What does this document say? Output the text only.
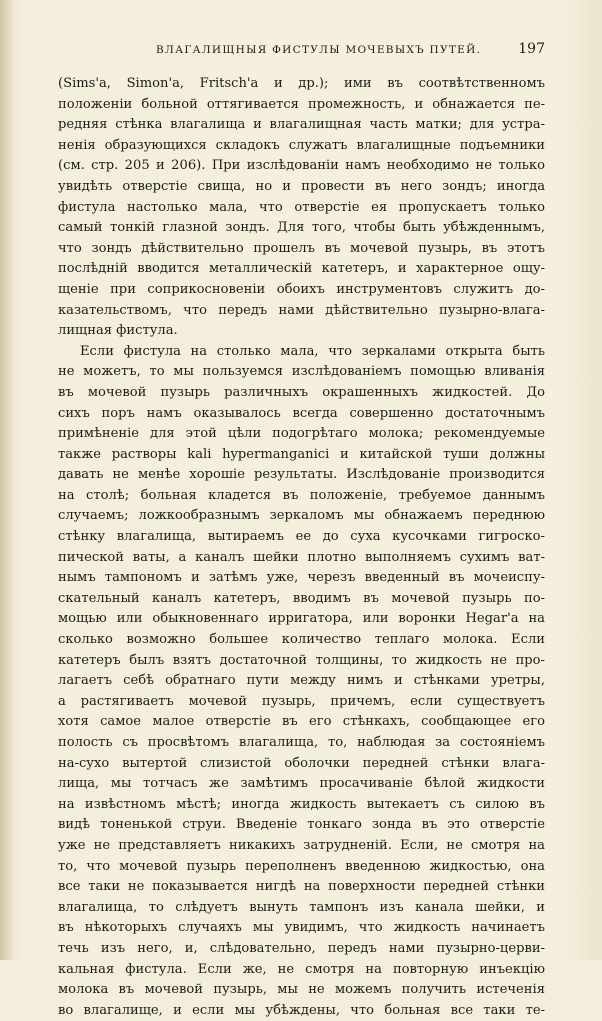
ВЛАГАЛИЩНЫЯ ФИСТУЛЫ МОЧЕВЫХЪ ПУТЕЙ.	197
(Sims'а, Simon'а, Fritsch'а и др.); ими въ соотвѣтственномъ
положенiи больной оттягивается промежность, и обнажается пе-
редняя стѣнка влагалища и влагалищная часть матки; для устра-
ненiя образующихся складокъ служатъ влагалищные подъемники
(см. стр. 205 и 206). При изслѣдованiи намъ необходимо не только
увидѣть отверстiе свища, но и провести въ него зондъ; иногда
фистула настолько мала, что отверстiе ея пропускаетъ только
самый тонкiй глазной зондъ. Для того, чтобы быть убѣжденнымъ,
что зондъ дѣйствительно прошелъ въ мочевой пузырь, въ этотъ
послѣднiй вводится металлическiй катетеръ, и характерное ощу-
щенiе при соприкосновенiи обоихъ инструментовъ служитъ до-
казательствомъ, что передъ нами дѣйствительно пузырно-влага-
лищная фистула.
Если фистула на столько мала, что зеркалами открыта быть
не можетъ, то мы пользуемся изслѣдованiемъ помощью вливанiя
въ мочевой пузырь различныхъ окрашенныхъ жидкостей. До
сихъ поръ намъ оказывалось всегда совершенно достаточнымъ
примѣненiе для этой цѣли подогрѣтаго молока; рекомендуемые
также растворы kali hypermanganici и китайской туши должны
давать не менѣе хорошiе результаты. Изслѣдованiе производится
на столѣ; больная кладется въ положенiе, требуемое даннымъ
случаемъ; ложкообразнымъ зеркаломъ мы обнажаемъ переднюю
стѣнку влагалища, вытираемъ ее до суха кусочками гигроско-
пической ваты, а каналъ шейки плотно выполняемъ сухимъ ват-
нымъ тампономъ и затѣмъ уже, черезъ введенный въ мочеиспу-
скательный каналъ катетеръ, вводимъ въ мочевой пузырь по-
мощью или обыкновеннаго ирригатора, или воронки Hegar'а на
сколько возможно большее количество теплаго молока. Если
катетеръ былъ взятъ достаточной толщины, то жидкость не про-
лагаетъ себѣ обратнаго пути между нимъ и стѣнками уретры,
а растягиваетъ мочевой пузырь, причемъ, если существуетъ
хотя самое малое отверстiе въ его стѣнкахъ, сообщающее его
полость съ просвѣтомъ влагалища, то, наблюдая за состоянiемъ
на-сухо вытертой слизистой оболочки передней стѣнки влага-
лища, мы тотчасъ же замѣтимъ просачиванiе бѣлой жидкости
на извѣстномъ мѣстѣ; иногда жидкость вытекаетъ съ силою въ
видѣ тоненькой струи. Введенiе тонкаго зонда въ это отверстiе
уже не представляетъ никакихъ затрудненiй. Если, не смотря на
то, что мочевой пузырь переполненъ введенною жидкостью, она
все таки не показывается нигдѣ на поверхности передней стѣнки
влагалища, то слѣдуетъ вынуть тампонъ изъ канала шейки, и
въ нѣкоторыхъ случаяхъ мы увидимъ, что жидкость начинаетъ
течь изъ него, и, слѣдовательно, передъ нами пузырно-церви-
кальная фистула. Если же, не смотря на повторную инъекцiю
молока въ мочевой пузырь, мы не можемъ получить истеченiя
во влагалище, и если мы убѣждены, что больная все таки те-
